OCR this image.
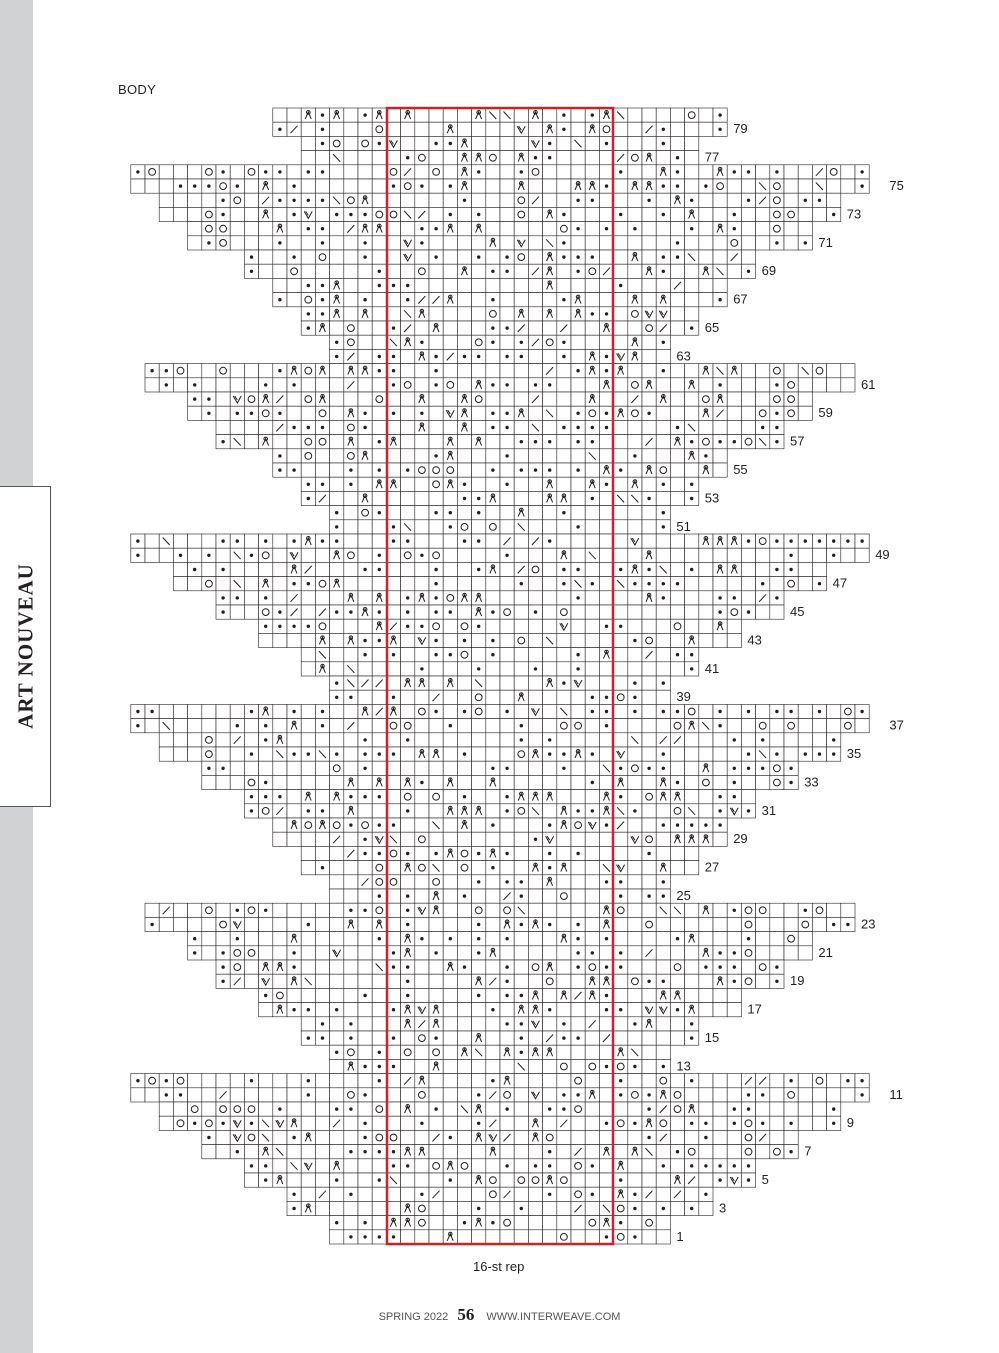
ART NOUVEAU
BODY
79
77
75
73
71
69
67
65
63
61
59
57
55
53
51
49
47
45
43
41
39
37
35
33
31
29
27
25
23
21
19
17
15
13
11
9
7
5
3
1
16-st rep
SPRING 2022 56 WWW.INTERWEAVE.COM
